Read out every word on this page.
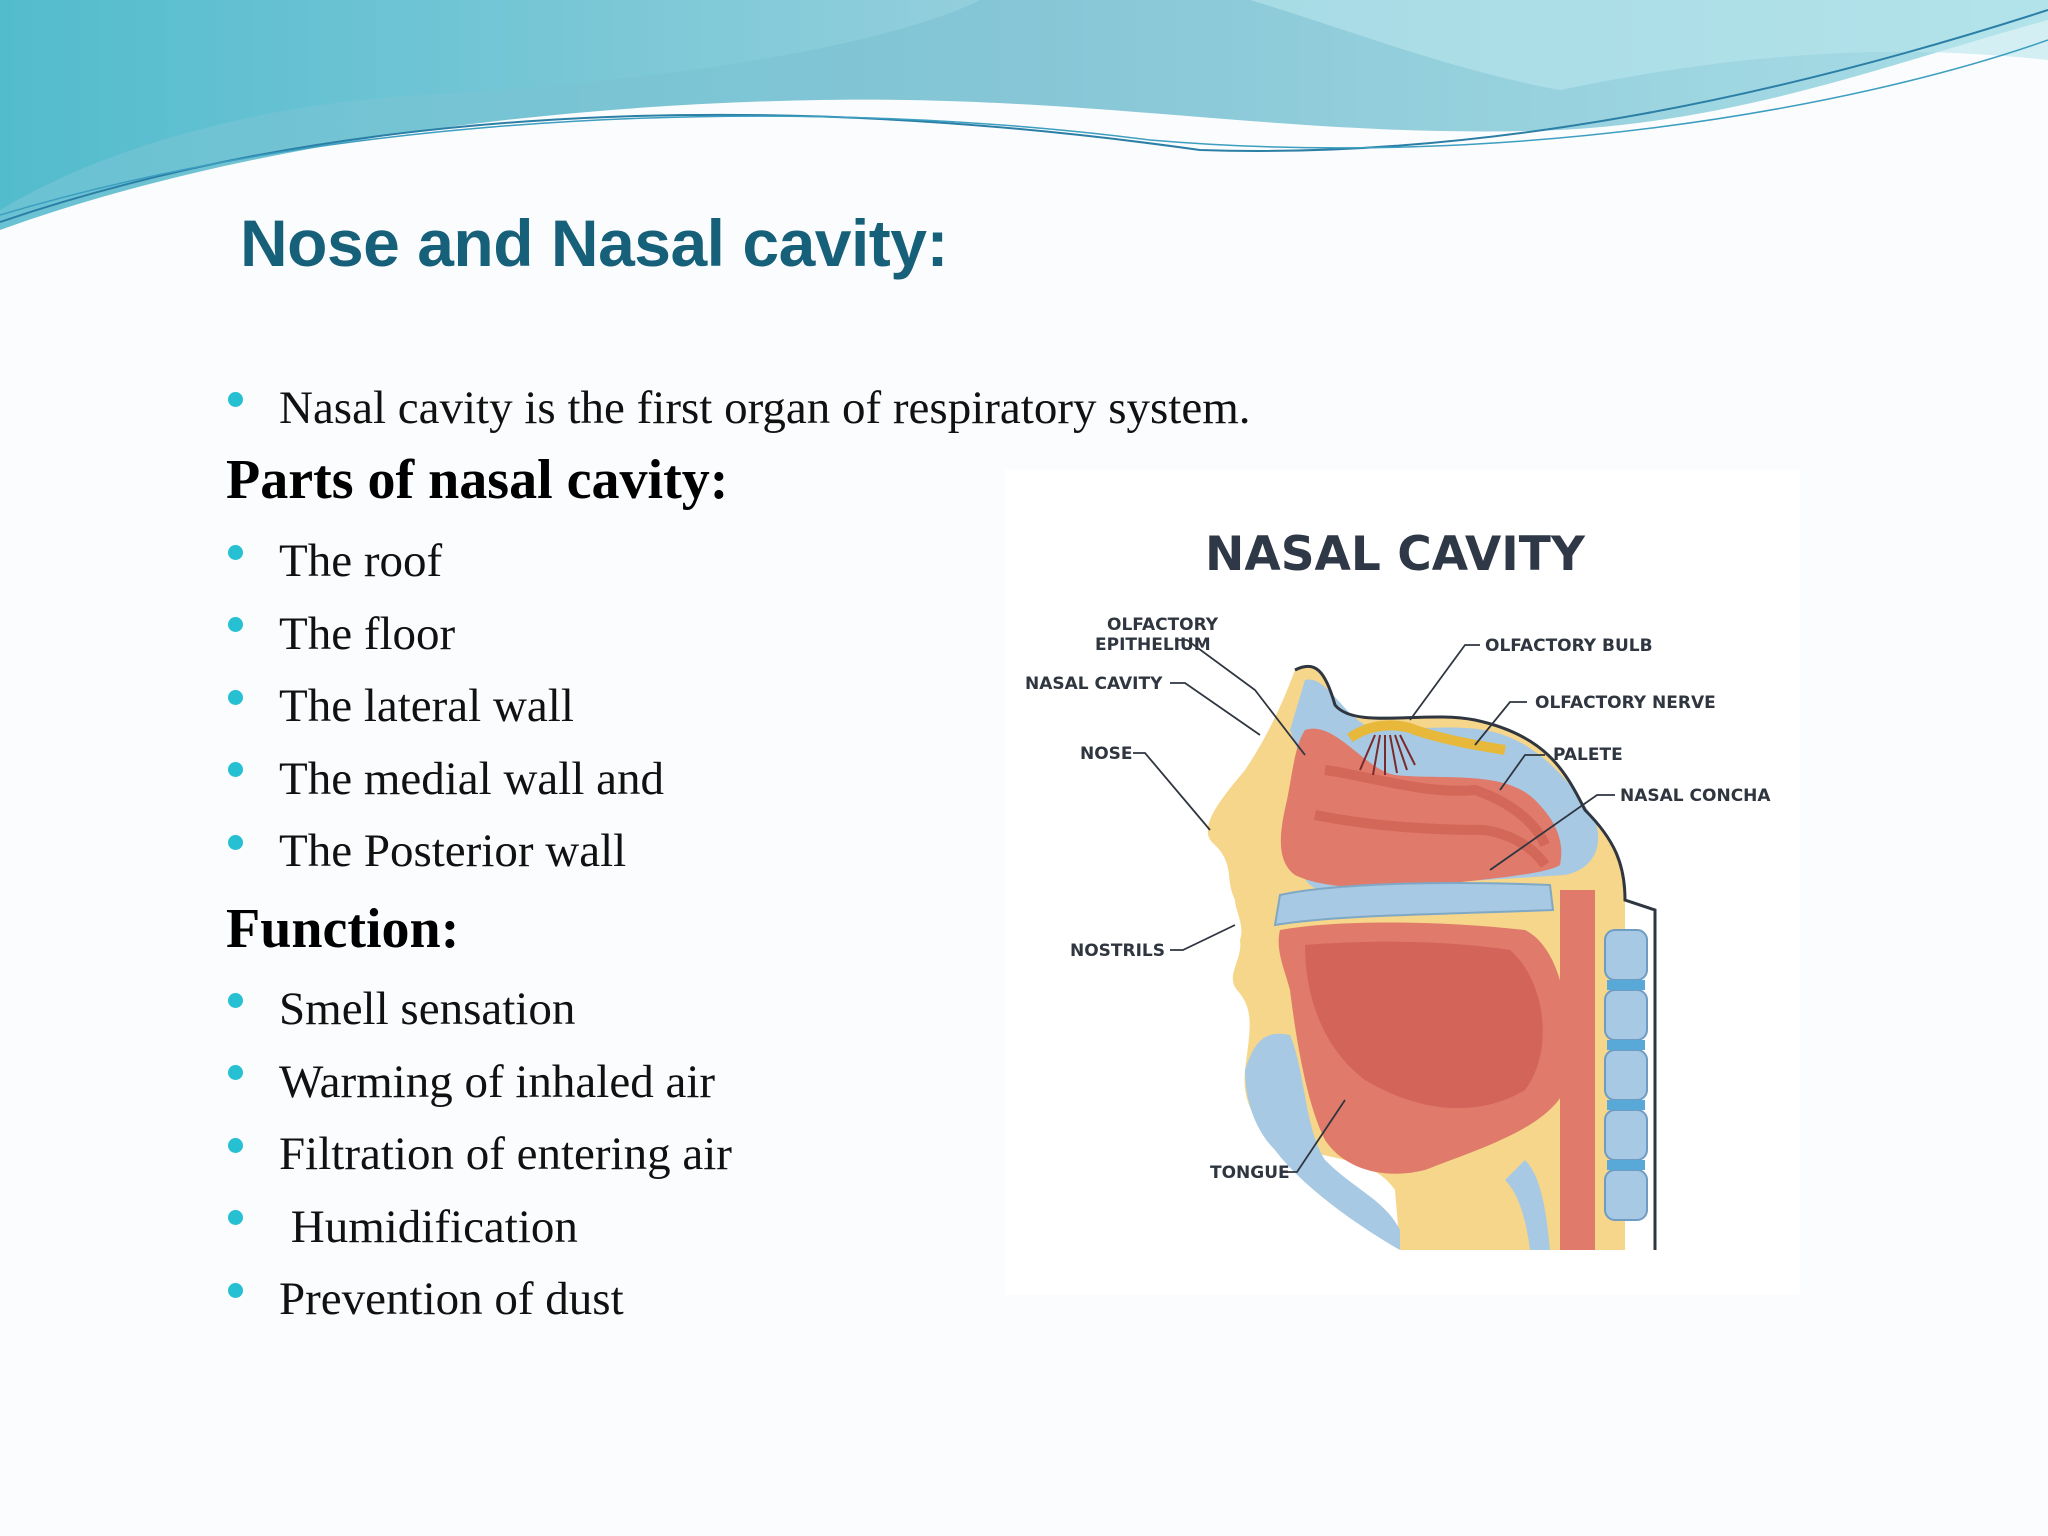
Nose and Nasal cavity:
Nasal cavity is the first organ of respiratory system.
Parts of nasal cavity:
The roof
The floor
The lateral wall
The medial wall and
The Posterior wall
Function:
Smell sensation
Warming of inhaled air
Filtration of entering air
Humidification
Prevention of dust
NASAL CAVITY
OLFACTORY
EPITHELIUM
NASAL CAVITY
NOSE
NOSTRILS
TONGUE
OLFACTORY BULB
OLFACTORY NERVE
PALETE
NASAL CONCHA
